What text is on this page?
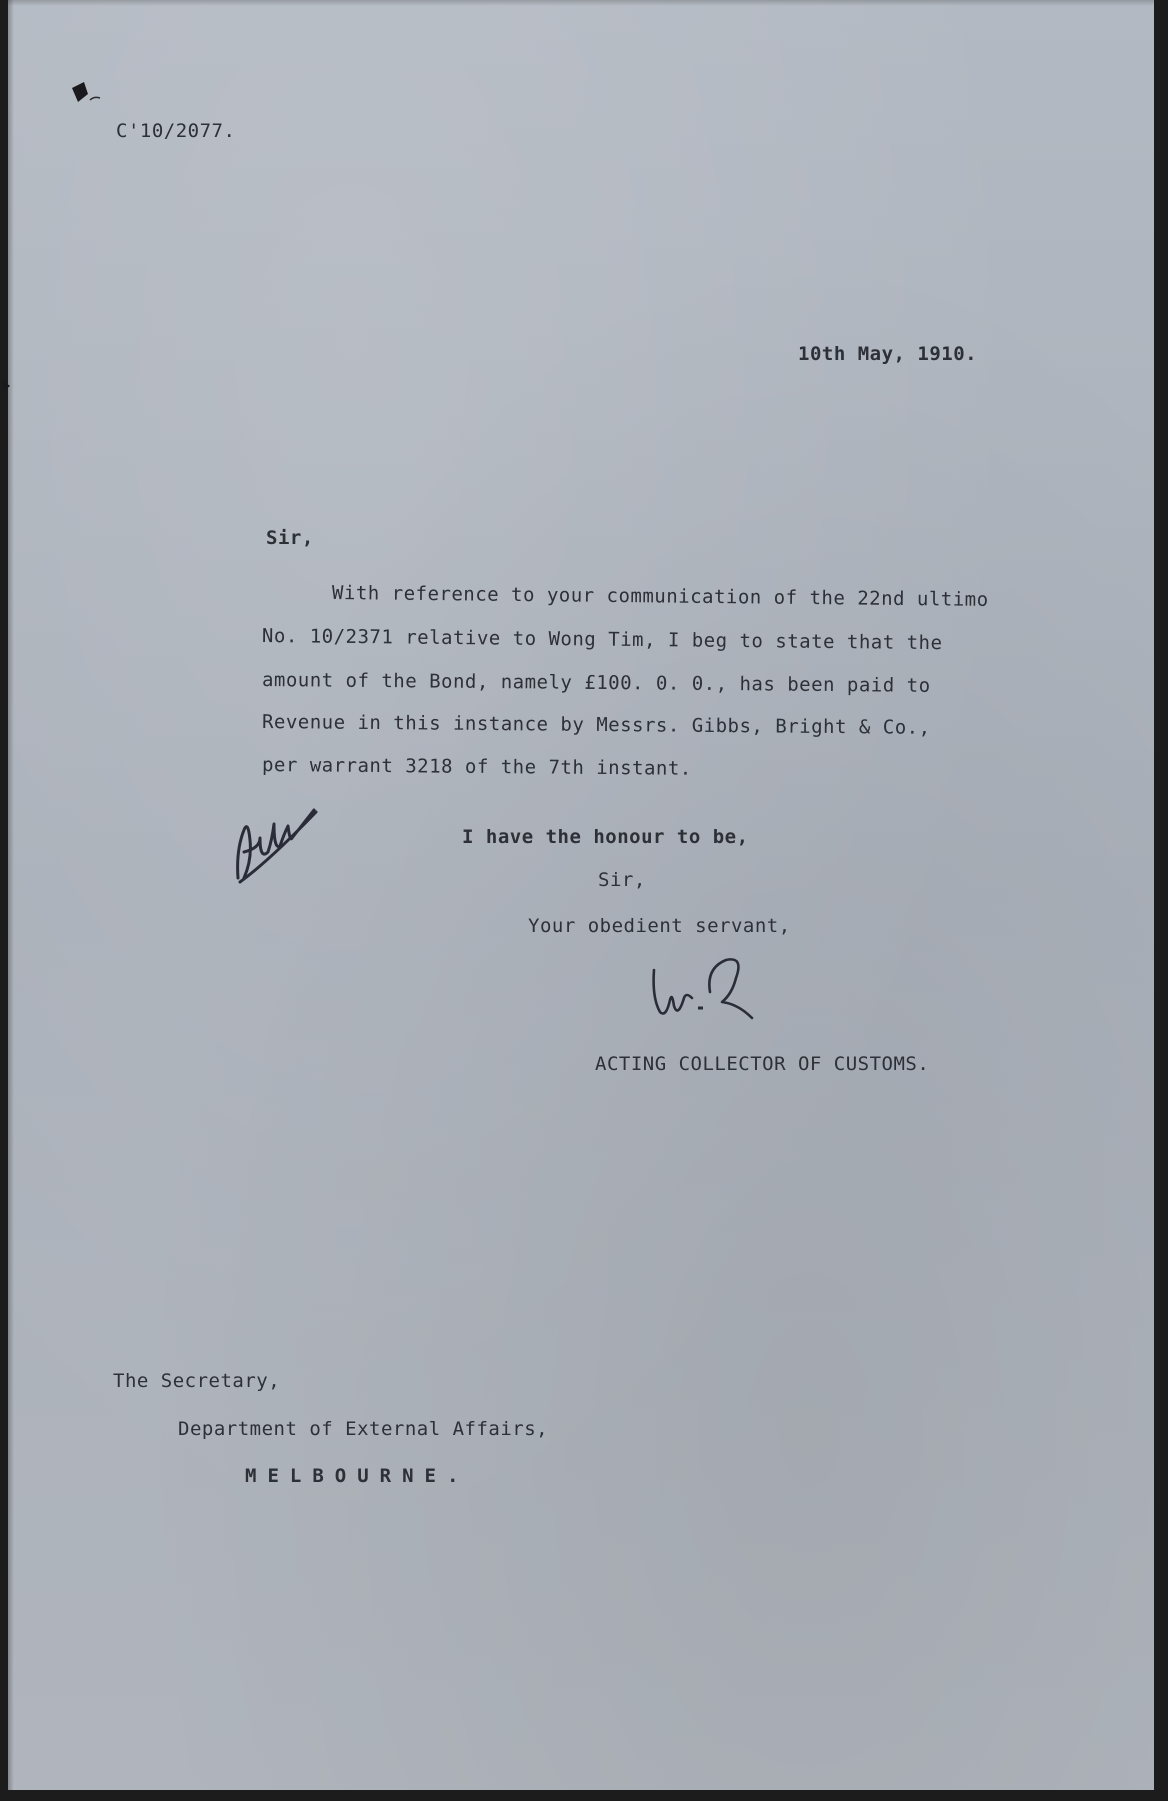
C'10/2077.
10th May, 1910.
Sir,
With reference to your communication of the 22nd ultimo
No. 10/2371 relative to Wong Tim, I beg to state that the
amount of the Bond, namely £100. 0. 0., has been paid to
Revenue in this instance by Messrs. Gibbs, Bright & Co.,
per warrant 3218 of the 7th instant.
I have the honour to be,
Sir,
Your obedient servant,
ACTING COLLECTOR OF CUSTOMS.
The Secretary,
Department of External Affairs,
MELBOURNE.
